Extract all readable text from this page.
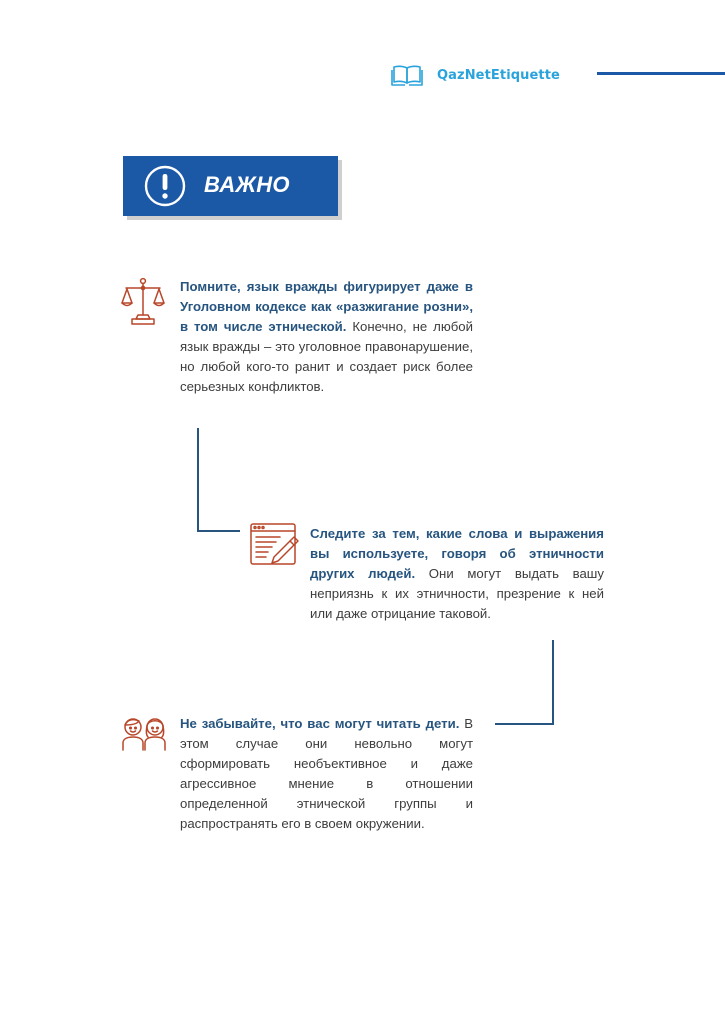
QazNetEtiquette
ВАЖНО
Помните, язык вражды фигурирует даже в Уголовном кодексе как «разжигание розни», в том числе этнической. Конечно, не любой язык вражды – это уголовное правонарушение, но любой кого-то ранит и создает риск более серьезных конфликтов.
Следите за тем, какие слова и выражения вы используете, говоря об этничности других людей. Они могут выдать вашу неприязнь к их этничности, презрение к ней или даже отрицание таковой.
Не забывайте, что вас могут читать дети. В этом случае они невольно могут сформировать необъективное и даже агрессивное мнение в отношении определенной этнической группы и распространять его в своем окружении.
